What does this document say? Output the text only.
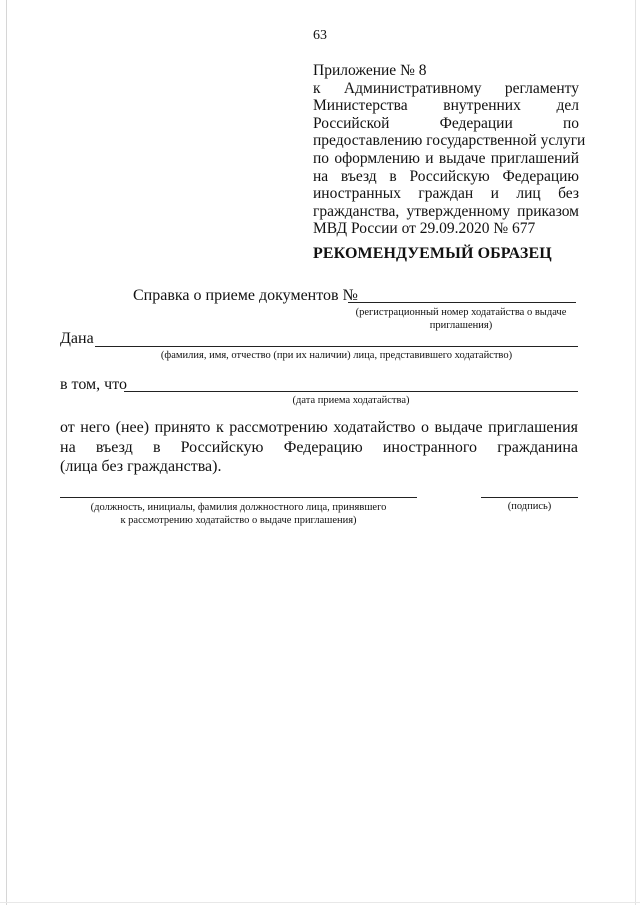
63
Приложение № 8
к Административному регламенту
Министерства внутренних дел
Российской Федерации по
предоставлению государственной услуги
по оформлению и выдаче приглашений
на въезд в Российскую Федерацию
иностранных граждан и лиц без
гражданства, утвержденному приказом
МВД России от 29.09.2020 № 677
РЕКОМЕНДУЕМЫЙ ОБРАЗЕЦ
Справка о приеме документов №
(регистрационный номер ходатайства о выдаче
приглашения)
Дана
(фамилия, имя, отчество (при их наличии) лица, представившего ходатайство)
в том, что
(дата приема ходатайства)
от него (нее) принято к рассмотрению ходатайство о выдаче приглашения
на въезд в Российскую Федерацию иностранного гражданина
(лица без гражданства).
(должность, инициалы, фамилия должностного лица, принявшего
к рассмотрению ходатайство о выдаче приглашения)
(подпись)
